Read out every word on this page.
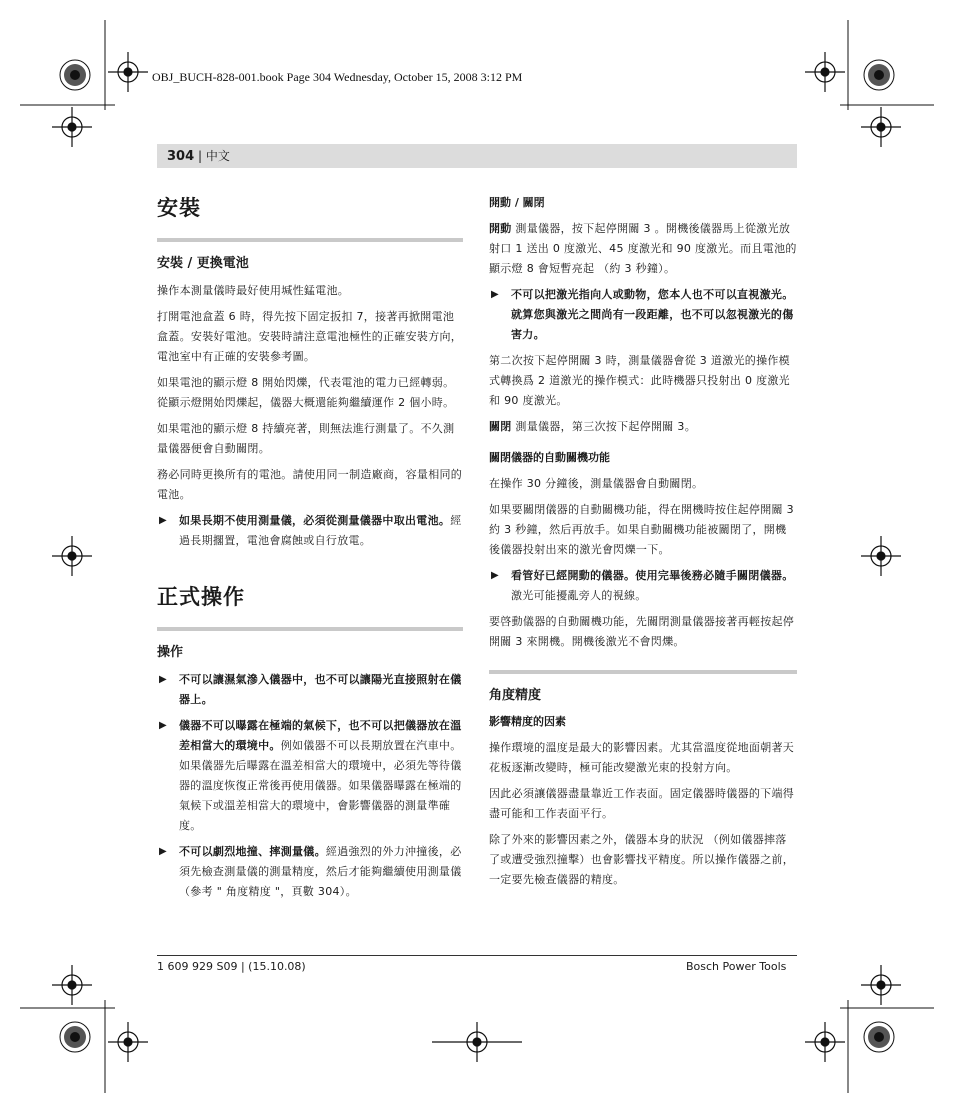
OBJ_BUCH-828-001.book Page 304 Wednesday, October 15, 2008 3:12 PM
304 | 中文
安裝
安裝 / 更換電池

操作本測量儀時最好使用堿性錳電池。

打開電池盒蓋 6 時，得先按下固定扳扣 7，接著再掀開電池盒蓋。安裝好電池。安裝時請注意電池極性的正確安裝方向，電池室中有正確的安裝參考圖。

如果電池的顯示燈 8 開始閃爍，代表電池的電力已經轉弱。從顯示燈開始閃爍起，儀器大概還能夠繼續運作 2 個小時。

如果電池的顯示燈 8 持續亮著，則無法進行測量了。不久測量儀器便會自動關閉。

務必同時更換所有的電池。請使用同一制造廠商，容量相同的電池。

▶ 如果長期不使用測量儀，必須從測量儀器中取出電池。經過長期擱置，電池會腐蝕或自行放電。
正式操作
操作
▶ 不可以讓濕氣滲入儀器中，也不可以讓陽光直接照射在儀器上。
▶ 儀器不可以曝露在極端的氣候下，也不可以把儀器放在溫差相當大的環境中。例如儀器不可以長期放置在汽車中。如果儀器先后曝露在溫差相當大的環境中，必須先等待儀器的溫度恢復正常後再使用儀器。如果儀器曝露在極端的氣候下或溫差相當大的環境中，會影響儀器的測量準確度。
▶ 不可以劇烈地撞、摔測量儀。經過強烈的外力沖撞後，必須先檢查測量儀的測量精度，然后才能夠繼續使用測量儀 （參考 " 角度精度 "，頁數 304）。
開動 / 關閉

開動 測量儀器，按下起停開關 3 。開機後儀器馬上從激光放射口 1 送出 0 度激光、45 度激光和 90 度激光。而且電池的顯示燈 8 會短暫亮起 （約 3 秒鐘）。

▶ 不可以把激光指向人或動物，您本人也不可以直視激光。就算您與激光之間尚有一段距離，也不可以忽視激光的傷害力。

第二次按下起停開關 3 時，測量儀器會從 3 道激光的操作模式轉換爲 2 道激光的操作模式：此時機器只投射出 0 度激光和 90 度激光。

關閉 測量儀器，第三次按下起停開關 3。

關閉儀器的自動關機功能

在操作 30 分鐘後，測量儀器會自動關閉。

如果要關閉儀器的自動關機功能，得在開機時按住起停開關 3 約 3 秒鐘，然后再放手。如果自動關機功能被關閉了，開機後儀器投射出來的激光會閃爍一下。

▶ 看管好已經開動的儀器。使用完畢後務必隨手關閉儀器。激光可能擾亂旁人的視線。

要啓動儀器的自動關機功能，先關閉測量儀器接著再輕按起停開關 3 來開機。開機後激光不會閃爍。

角度精度
影響精度的因素

操作環境的溫度是最大的影響因素。尤其當溫度從地面朝著天花板逐漸改變時，極可能改變激光束的投射方向。

因此必須讓儀器盡量靠近工作表面。固定儀器時儀器的下端得盡可能和工作表面平行。

除了外來的影響因素之外，儀器本身的狀況 （例如儀器摔落了或遭受強烈撞擊）也會影響找平精度。所以操作儀器之前，一定要先檢查儀器的精度。

1 609 929 S09 | (15.10.08)	Bosch Power Tools
